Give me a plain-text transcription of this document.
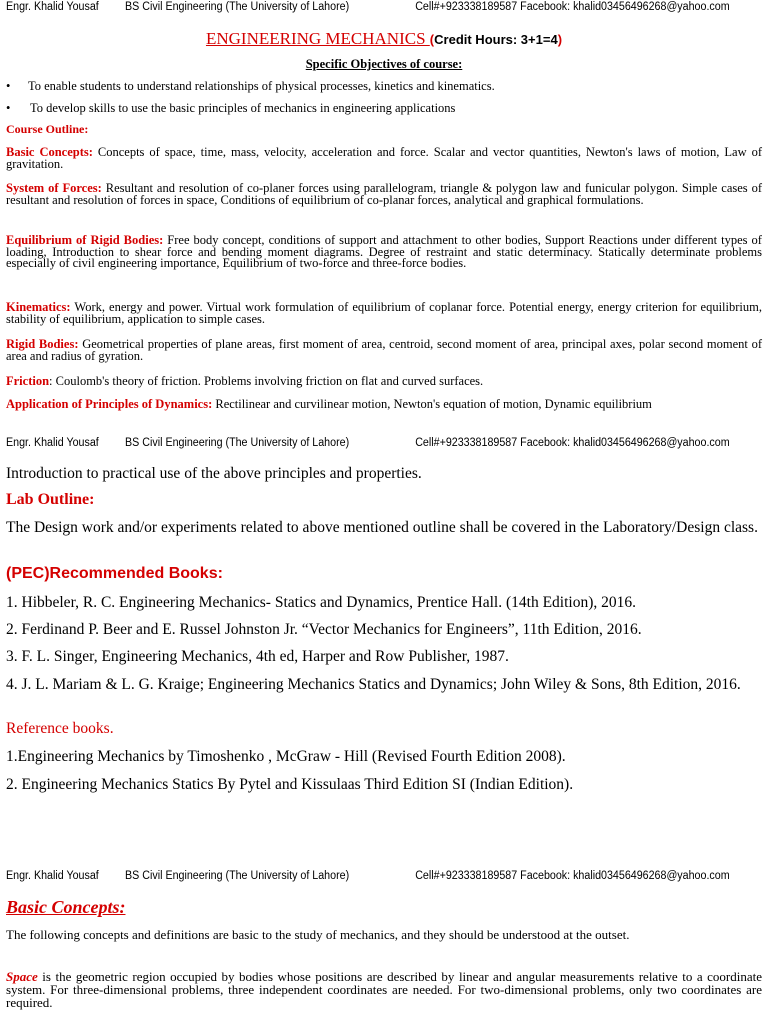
Engr. Khalid Yousaf BS Civil Engineering (The University of Lahore)	Cell#+923338189587 Facebook: khalid03456496268@yahoo.com
ENGINEERING MECHANICS (Credit Hours: 3+1=4)
Specific Objectives of course:
• To enable students to understand relationships of physical processes, kinetics and kinematics.
• To develop skills to use the basic principles of mechanics in engineering applications
Course Outline:
Basic Concepts: Concepts of space, time, mass, velocity, acceleration and force. Scalar and vector quantities, Newton's laws of motion, Law of gravitation.
System of Forces: Resultant and resolution of co-planer forces using parallelogram, triangle & polygon law and funicular polygon. Simple cases of resultant and resolution of forces in space, Conditions of equilibrium of co-planar forces, analytical and graphical formulations.
Equilibrium of Rigid Bodies: Free body concept, conditions of support and attachment to other bodies, Support Reactions under different types of loading, Introduction to shear force and bending moment diagrams. Degree of restraint and static determinacy. Statically determinate problems especially of civil engineering importance, Equilibrium of two-force and three-force bodies.
Kinematics: Work, energy and power. Virtual work formulation of equilibrium of coplanar force. Potential energy, energy criterion for equilibrium, stability of equilibrium, application to simple cases.
Rigid Bodies: Geometrical properties of plane areas, first moment of area, centroid, second moment of area, principal axes, polar second moment of area and radius of gyration.
Friction: Coulomb's theory of friction. Problems involving friction on flat and curved surfaces.
Application of Principles of Dynamics: Rectilinear and curvilinear motion, Newton's equation of motion, Dynamic equilibrium
Engr. Khalid Yousaf BS Civil Engineering (The University of Lahore)	Cell#+923338189587 Facebook: khalid03456496268@yahoo.com
Introduction to practical use of the above principles and properties.
Lab Outline:
The Design work and/or experiments related to above mentioned outline shall be covered in the Laboratory/Design class.
(PEC)Recommended Books:
1. Hibbeler, R. C. Engineering Mechanics- Statics and Dynamics, Prentice Hall. (14th Edition), 2016.
2. Ferdinand P. Beer and E. Russel Johnston Jr. “Vector Mechanics for Engineers”, 11th Edition, 2016.
3. F. L. Singer, Engineering Mechanics, 4th ed, Harper and Row Publisher, 1987.
4. J. L. Mariam & L. G. Kraige; Engineering Mechanics Statics and Dynamics; John Wiley & Sons, 8th Edition, 2016.
Reference books.
1.Engineering Mechanics by Timoshenko , McGraw - Hill (Revised Fourth Edition 2008).
2. Engineering Mechanics Statics By Pytel and Kissulaas Third Edition SI (Indian Edition).
Engr. Khalid Yousaf BS Civil Engineering (The University of Lahore)	Cell#+923338189587 Facebook: khalid03456496268@yahoo.com
Basic Concepts:
The following concepts and definitions are basic to the study of mechanics, and they should be understood at the outset.
Space is the geometric region occupied by bodies whose positions are described by linear and angular measurements relative to a coordinate system. For three-dimensional problems, three independent coordinates are needed. For two-dimensional problems, only two coordinates are required.
